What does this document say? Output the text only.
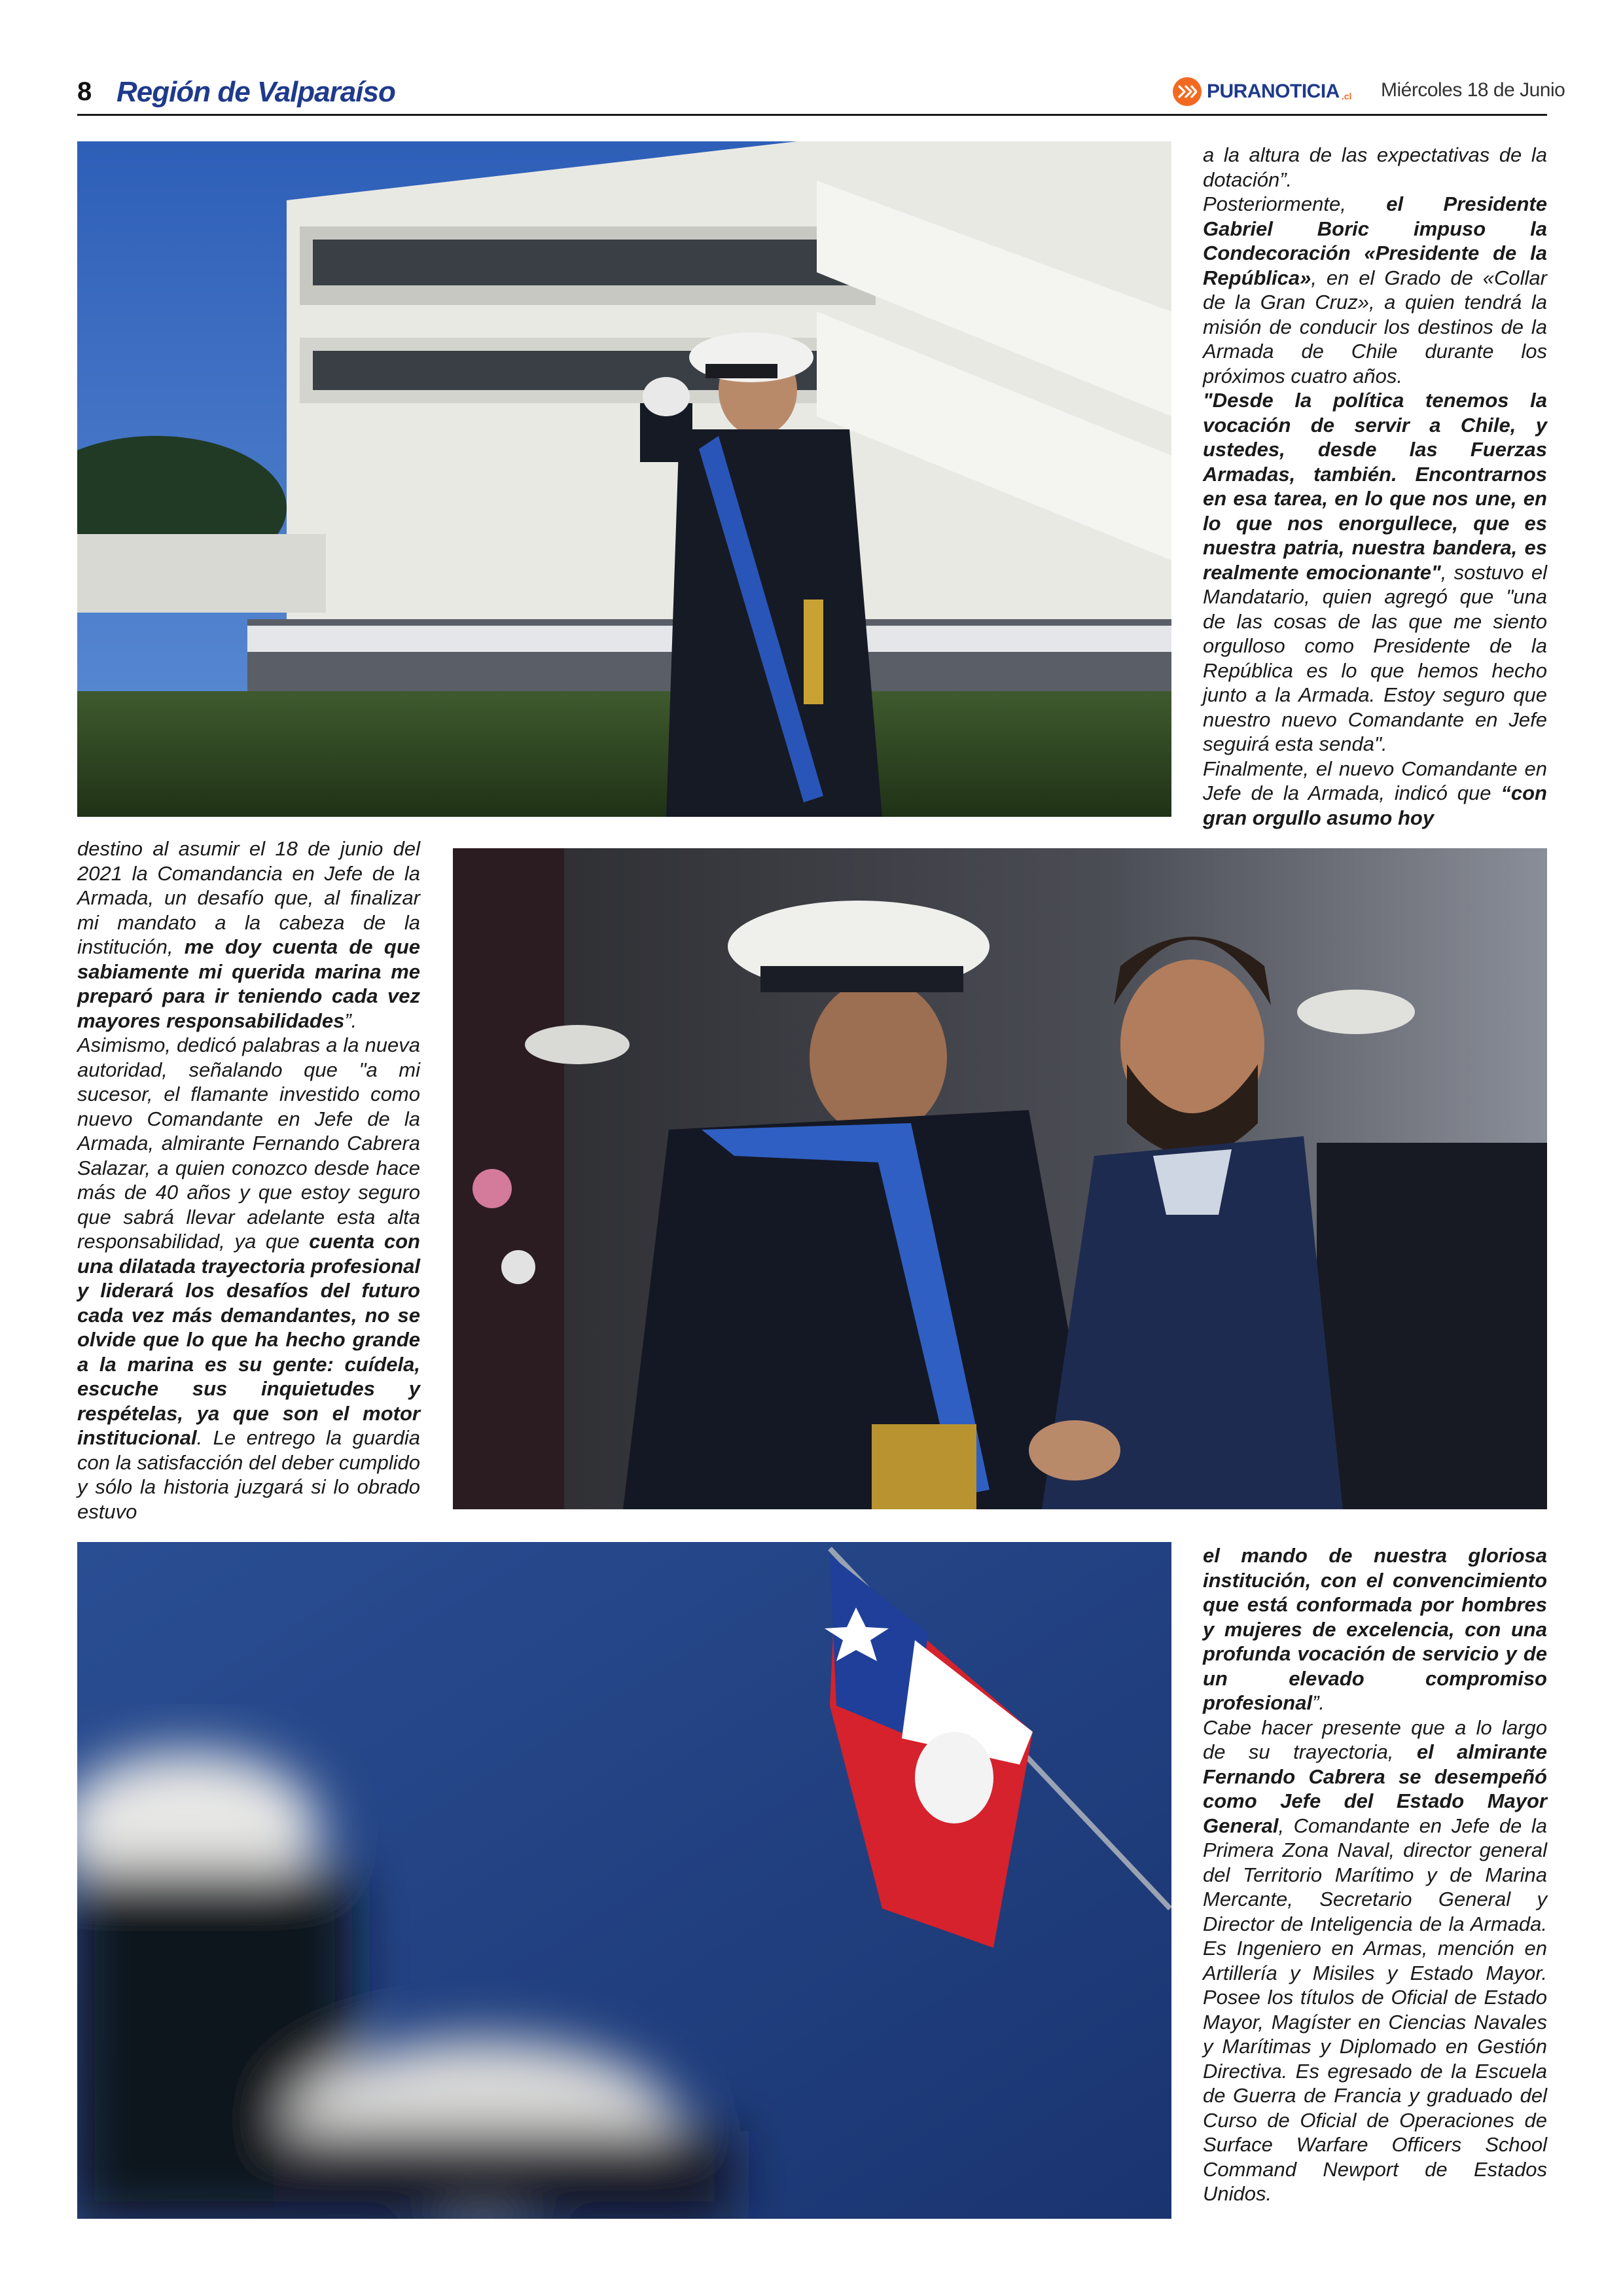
8 Región de Valparaíso	PURANOTICIA .cl Miércoles 18 de Junio

a la altura de las expectativas de la dotación”.
Posteriormente, el Presidente Gabriel Boric impuso la Condecoración «Presidente de la República», en el Grado de «Collar de la Gran Cruz», a quien tendrá la misión de conducir los destinos de la Armada de Chile durante los próximos cuatro años.
"Desde la política tenemos la vocación de servir a Chile, y ustedes, desde las Fuerzas Armadas, también. Encontrarnos en esa tarea, en lo que nos une, en lo que nos enorgullece, que es nuestra patria, nuestra bandera, es realmente emocionante", sostuvo el Mandatario, quien agregó que "una de las cosas de las que me siento orgulloso como Presidente de la República es lo que hemos hecho junto a la Armada. Estoy seguro que nuestro nuevo Comandante en Jefe seguirá esta senda".
Finalmente, el nuevo Comandante en Jefe de la Armada, indicó que “con gran orgullo asumo hoy

destino al asumir el 18 de junio del 2021 la Comandancia en Jefe de la Armada, un desafío que, al finalizar mi mandato a la cabeza de la institución, me doy cuenta de que sabiamente mi querida marina me preparó para ir teniendo cada vez mayores responsabilidades”.
Asimismo, dedicó palabras a la nueva autoridad, señalando que "a mi sucesor, el flamante investido como nuevo Comandante en Jefe de la Armada, almirante Fernando Cabrera Salazar, a quien conozco desde hace más de 40 años y que estoy seguro que sabrá llevar adelante esta alta responsabilidad, ya que cuenta con una dilatada trayectoria profesional y liderará los desafíos del futuro cada vez más demandantes, no se olvide que lo que ha hecho grande a la marina es su gente: cuídela, escuche sus inquietudes y respételas, ya que son el motor institucional. Le entrego la guardia con la satisfacción del deber cumplido y sólo la historia juzgará si lo obrado estuvo

el mando de nuestra gloriosa institución, con el convencimiento que está conformada por hombres y mujeres de excelencia, con una profunda vocación de servicio y de un elevado compromiso profesional”.
Cabe hacer presente que a lo largo de su trayectoria, el almirante Fernando Cabrera se desempeñó como Jefe del Estado Mayor General, Comandante en Jefe de la Primera Zona Naval, director general del Territorio Marítimo y de Marina Mercante, Secretario General y Director de Inteligencia de la Armada. Es Ingeniero en Armas, mención en Artillería y Misiles y Estado Mayor. Posee los títulos de Oficial de Estado Mayor, Magíster en Ciencias Navales y Marítimas y Diplomado en Gestión Directiva. Es egresado de la Escuela de Guerra de Francia y graduado del Curso de Oficial de Operaciones de Surface Warfare Officers School Command Newport de Estados Unidos.
